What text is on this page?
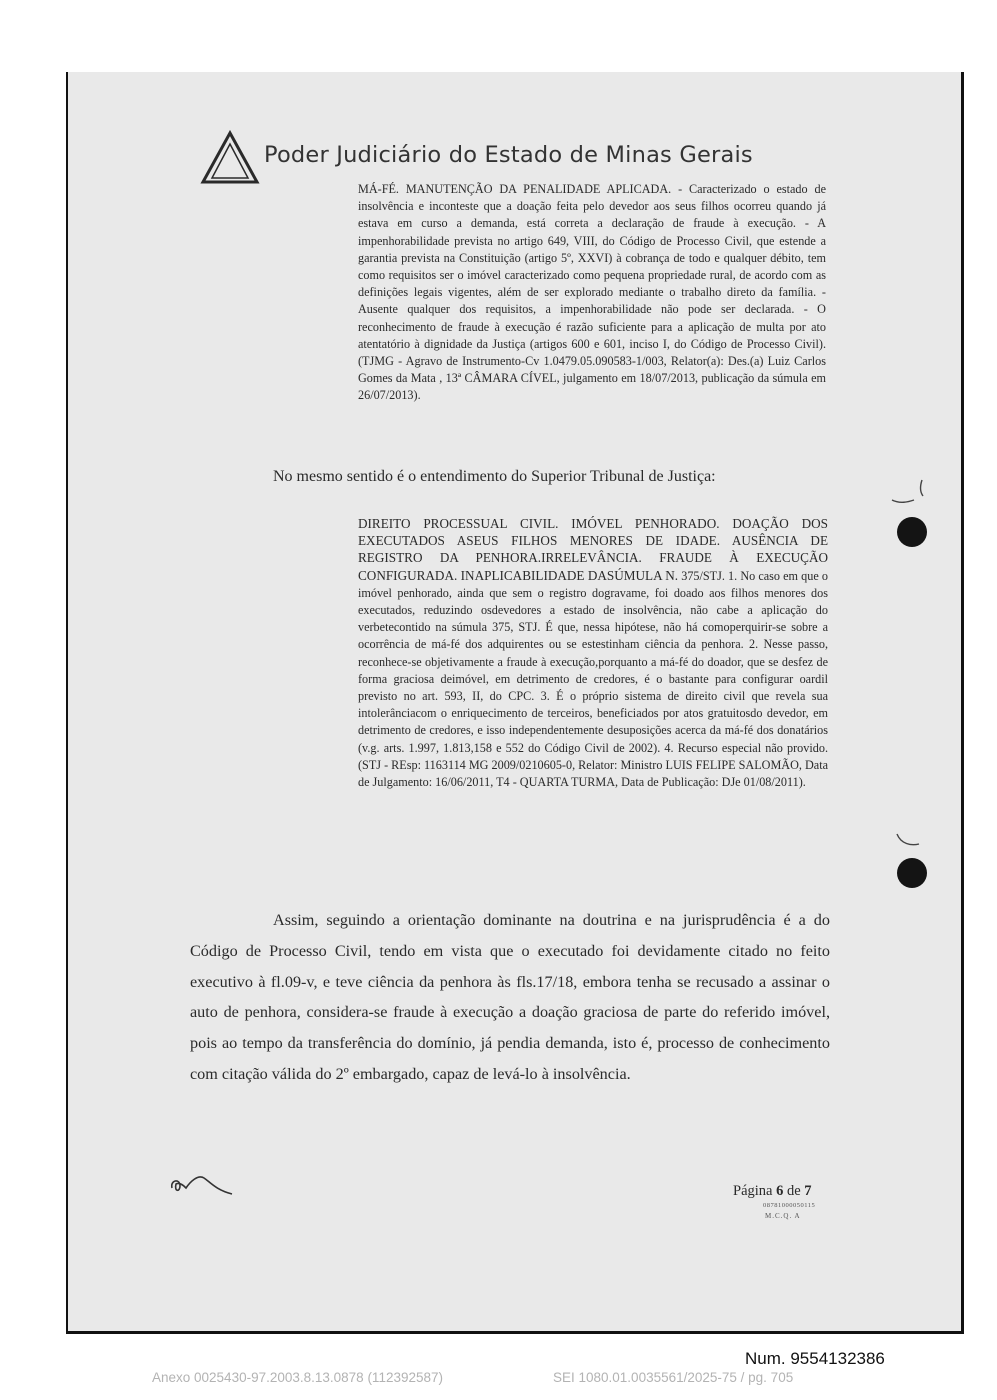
Poder Judiciário do Estado de Minas Gerais
MÁ-FÉ. MANUTENÇÃO DA PENALIDADE APLICADA. - Caracterizado o estado de insolvência e inconteste que a doação feita pelo devedor aos seus filhos ocorreu quando já estava em curso a demanda, está correta a declaração de fraude à execução. - A impenhorabilidade prevista no artigo 649, VIII, do Código de Processo Civil, que estende a garantia prevista na Constituição (artigo 5º, XXVI) à cobrança de todo e qualquer débito, tem como requisitos ser o imóvel caracterizado como pequena propriedade rural, de acordo com as definições legais vigentes, além de ser explorado mediante o trabalho direto da família. - Ausente qualquer dos requisitos, a impenhorabilidade não pode ser declarada. - O reconhecimento de fraude à execução é razão suficiente para a aplicação de multa por ato atentatório à dignidade da Justiça (artigos 600 e 601, inciso I, do Código de Processo Civil). (TJMG - Agravo de Instrumento-Cv 1.0479.05.090583-1/003, Relator(a): Des.(a) Luiz Carlos Gomes da Mata , 13ª CÂMARA CÍVEL, julgamento em 18/07/2013, publicação da súmula em 26/07/2013).
No mesmo sentido é o entendimento do Superior Tribunal de Justiça:
DIREITO PROCESSUAL CIVIL. IMÓVEL PENHORADO. DOAÇÃO DOS EXECUTADOS ASEUS FILHOS MENORES DE IDADE. AUSÊNCIA DE REGISTRO DA PENHORA.IRRELEVÂNCIA. FRAUDE À EXECUÇÃO CONFIGURADA. INAPLICABILIDADE DASÚMULA N. 375/STJ. 1. No caso em que o imóvel penhorado, ainda que sem o registro dogravame, foi doado aos filhos menores dos executados, reduzindo osdevedores a estado de insolvência, não cabe a aplicação do verbetecontido na súmula 375, STJ. É que, nessa hipótese, não há comoperquirir-se sobre a ocorrência de má-fé dos adquirentes ou se estestinham ciência da penhora. 2. Nesse passo, reconhece-se objetivamente a fraude à execução,porquanto a má-fé do doador, que se desfez de forma graciosa deimóvel, em detrimento de credores, é o bastante para configurar oardil previsto no art. 593, II, do CPC. 3. É o próprio sistema de direito civil que revela sua intolerânciacom o enriquecimento de terceiros, beneficiados por atos gratuitosdo devedor, em detrimento de credores, e isso independentemente desuposições acerca da má-fé dos donatários (v.g. arts. 1.997, 1.813,158 e 552 do Código Civil de 2002). 4. Recurso especial não provido. (STJ - REsp: 1163114 MG 2009/0210605-0, Relator: Ministro LUIS FELIPE SALOMÃO, Data de Julgamento: 16/06/2011, T4 - QUARTA TURMA, Data de Publicação: DJe 01/08/2011).
Assim, seguindo a orientação dominante na doutrina e na jurisprudência é a do Código de Processo Civil, tendo em vista que o executado foi devidamente citado no feito executivo à fl.09-v, e teve ciência da penhora às fls.17/18, embora tenha se recusado a assinar o auto de penhora, considera-se fraude à execução a doação graciosa de parte do referido imóvel, pois ao tempo da transferência do domínio, já pendia demanda, isto é, processo de conhecimento com citação válida do 2º embargado, capaz de levá-lo à insolvência.
Página 6 de 7
08781000050115
M.C.Q. A
Num. 9554132386
Anexo 0025430-97.2003.8.13.0878 (112392587)	SEI 1080.01.0035561/2025-75 / pg. 705
